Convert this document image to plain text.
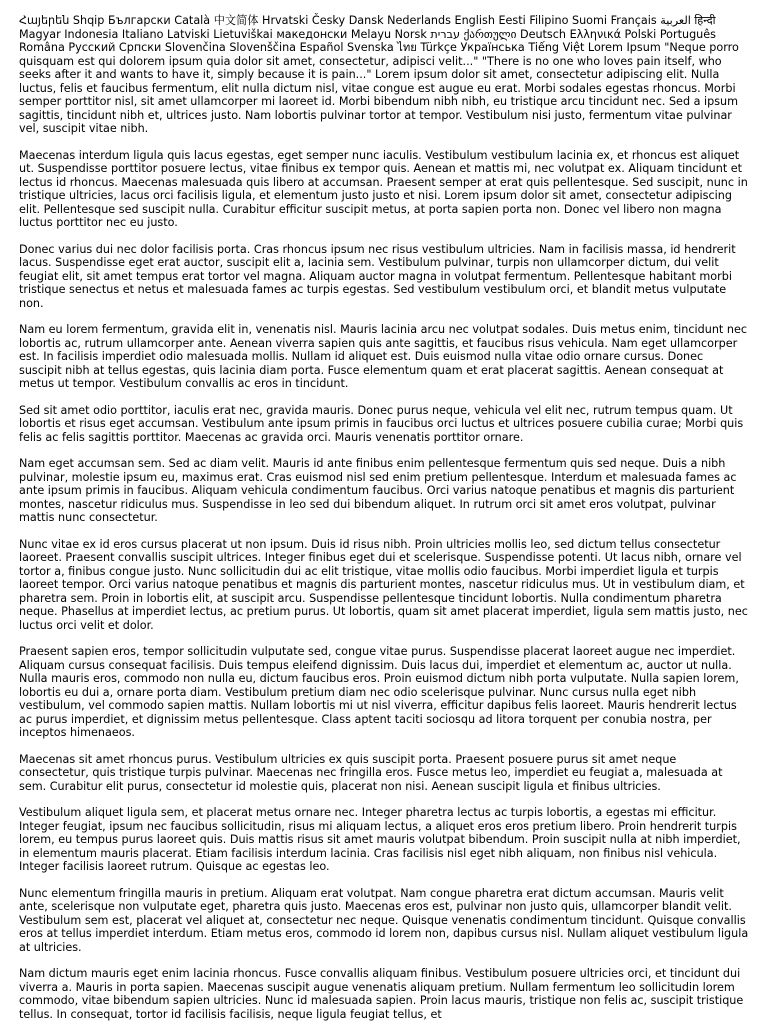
Հայերեն Shqip Български Català 中文简体 Hrvatski Česky Dansk Nederlands English Eesti Filipino Suomi Français العربية हिन्दी Magyar Indonesia Italiano Latviski Lietuviškai македонски Melayu Norsk עברית ქართული Deutsch Ελληνικά Polski Português Româna Русский Српски Slovenčina Slovenščina Español Svenska ไทย Türkçe Українська Tiếng Việt Lorem Ipsum "Neque porro quisquam est qui dolorem ipsum quia dolor sit amet, consectetur, adipisci velit..." "There is no one who loves pain itself, who seeks after it and wants to have it, simply because it is pain..." Lorem ipsum dolor sit amet, consectetur adipiscing elit. Nulla luctus, felis et faucibus fermentum, elit nulla dictum nisl, vitae congue est augue eu erat. Morbi sodales egestas rhoncus. Morbi semper porttitor nisl, sit amet ullamcorper mi laoreet id. Morbi bibendum nibh nibh, eu tristique arcu tincidunt nec. Sed a ipsum sagittis, tincidunt nibh et, ultrices justo. Nam lobortis pulvinar tortor at tempor. Vestibulum nisi justo, fermentum vitae pulvinar vel, suscipit vitae nibh.

Maecenas interdum ligula quis lacus egestas, eget semper nunc iaculis. Vestibulum vestibulum lacinia ex, et rhoncus est aliquet ut. Suspendisse porttitor posuere lectus, vitae finibus ex tempor quis. Aenean et mattis mi, nec volutpat ex. Aliquam tincidunt et lectus id rhoncus. Maecenas malesuada quis libero at accumsan. Praesent semper at erat quis pellentesque. Sed suscipit, nunc in tristique ultricies, lacus orci facilisis ligula, et elementum justo justo et nisi. Lorem ipsum dolor sit amet, consectetur adipiscing elit. Pellentesque sed suscipit nulla. Curabitur efficitur suscipit metus, at porta sapien porta non. Donec vel libero non magna luctus porttitor nec eu justo.

Donec varius dui nec dolor facilisis porta. Cras rhoncus ipsum nec risus vestibulum ultricies. Nam in facilisis massa, id hendrerit lacus. Suspendisse eget erat auctor, suscipit elit a, lacinia sem. Vestibulum pulvinar, turpis non ullamcorper dictum, dui velit feugiat elit, sit amet tempus erat tortor vel magna. Aliquam auctor magna in volutpat fermentum. Pellentesque habitant morbi tristique senectus et netus et malesuada fames ac turpis egestas. Sed vestibulum vestibulum orci, et blandit metus vulputate non.

Nam eu lorem fermentum, gravida elit in, venenatis nisl. Mauris lacinia arcu nec volutpat sodales. Duis metus enim, tincidunt nec lobortis ac, rutrum ullamcorper ante. Aenean viverra sapien quis ante sagittis, et faucibus risus vehicula. Nam eget ullamcorper est. In facilisis imperdiet odio malesuada mollis. Nullam id aliquet est. Duis euismod nulla vitae odio ornare cursus. Donec suscipit nibh at tellus egestas, quis lacinia diam porta. Fusce elementum quam et erat placerat sagittis. Aenean consequat at metus ut tempor. Vestibulum convallis ac eros in tincidunt.

Sed sit amet odio porttitor, iaculis erat nec, gravida mauris. Donec purus neque, vehicula vel elit nec, rutrum tempus quam. Ut lobortis et risus eget accumsan. Vestibulum ante ipsum primis in faucibus orci luctus et ultrices posuere cubilia curae; Morbi quis felis ac felis sagittis porttitor. Maecenas ac gravida orci. Mauris venenatis porttitor ornare.

Nam eget accumsan sem. Sed ac diam velit. Mauris id ante finibus enim pellentesque fermentum quis sed neque. Duis a nibh pulvinar, molestie ipsum eu, maximus erat. Cras euismod nisl sed enim pretium pellentesque. Interdum et malesuada fames ac ante ipsum primis in faucibus. Aliquam vehicula condimentum faucibus. Orci varius natoque penatibus et magnis dis parturient montes, nascetur ridiculus mus. Suspendisse in leo sed dui bibendum aliquet. In rutrum orci sit amet eros volutpat, pulvinar mattis nunc consectetur.

Nunc vitae ex id eros cursus placerat ut non ipsum. Duis id risus nibh. Proin ultricies mollis leo, sed dictum tellus consectetur laoreet. Praesent convallis suscipit ultrices. Integer finibus eget dui et scelerisque. Suspendisse potenti. Ut lacus nibh, ornare vel tortor a, finibus congue justo. Nunc sollicitudin dui ac elit tristique, vitae mollis odio faucibus. Morbi imperdiet ligula et turpis laoreet tempor. Orci varius natoque penatibus et magnis dis parturient montes, nascetur ridiculus mus. Ut in vestibulum diam, et pharetra sem. Proin in lobortis elit, at suscipit arcu. Suspendisse pellentesque tincidunt lobortis. Nulla condimentum pharetra neque. Phasellus at imperdiet lectus, ac pretium purus. Ut lobortis, quam sit amet placerat imperdiet, ligula sem mattis justo, nec luctus orci velit et dolor.

Praesent sapien eros, tempor sollicitudin vulputate sed, congue vitae purus. Suspendisse placerat laoreet augue nec imperdiet. Aliquam cursus consequat facilisis. Duis tempus eleifend dignissim. Duis lacus dui, imperdiet et elementum ac, auctor ut nulla. Nulla mauris eros, commodo non nulla eu, dictum faucibus eros. Proin euismod dictum nibh porta vulputate. Nulla sapien lorem, lobortis eu dui a, ornare porta diam. Vestibulum pretium diam nec odio scelerisque pulvinar. Nunc cursus nulla eget nibh vestibulum, vel commodo sapien mattis. Nullam lobortis mi ut nisl viverra, efficitur dapibus felis laoreet. Mauris hendrerit lectus ac purus imperdiet, et dignissim metus pellentesque. Class aptent taciti sociosqu ad litora torquent per conubia nostra, per inceptos himenaeos.

Maecenas sit amet rhoncus purus. Vestibulum ultricies ex quis suscipit porta. Praesent posuere purus sit amet neque consectetur, quis tristique turpis pulvinar. Maecenas nec fringilla eros. Fusce metus leo, imperdiet eu feugiat a, malesuada at sem. Curabitur elit purus, consectetur id molestie quis, placerat non nisi. Aenean suscipit ligula et finibus ultricies.

Vestibulum aliquet ligula sem, et placerat metus ornare nec. Integer pharetra lectus ac turpis lobortis, a egestas mi efficitur. Integer feugiat, ipsum nec faucibus sollicitudin, risus mi aliquam lectus, a aliquet eros eros pretium libero. Proin hendrerit turpis lorem, eu tempus purus laoreet quis. Duis mattis risus sit amet mauris volutpat bibendum. Proin suscipit nulla at nibh imperdiet, in elementum mauris placerat. Etiam facilisis interdum lacinia. Cras facilisis nisl eget nibh aliquam, non finibus nisl vehicula. Integer facilisis laoreet rutrum. Quisque ac egestas leo.

Nunc elementum fringilla mauris in pretium. Aliquam erat volutpat. Nam congue pharetra erat dictum accumsan. Mauris velit ante, scelerisque non vulputate eget, pharetra quis justo. Maecenas eros est, pulvinar non justo quis, ullamcorper blandit velit. Vestibulum sem est, placerat vel aliquet at, consectetur nec neque. Quisque venenatis condimentum tincidunt. Quisque convallis eros at tellus imperdiet interdum. Etiam metus eros, commodo id lorem non, dapibus cursus nisl. Nullam aliquet vestibulum ligula at ultricies.

Nam dictum mauris eget enim lacinia rhoncus. Fusce convallis aliquam finibus. Vestibulum posuere ultricies orci, et tincidunt dui viverra a. Mauris in porta sapien. Maecenas suscipit augue venenatis aliquam pretium. Nullam fermentum leo sollicitudin lorem commodo, vitae bibendum sapien ultricies. Nunc id malesuada sapien. Proin lacus mauris, tristique non felis ac, suscipit tristique tellus. In consequat, tortor id facilisis facilisis, neque ligula feugiat tellus, et
